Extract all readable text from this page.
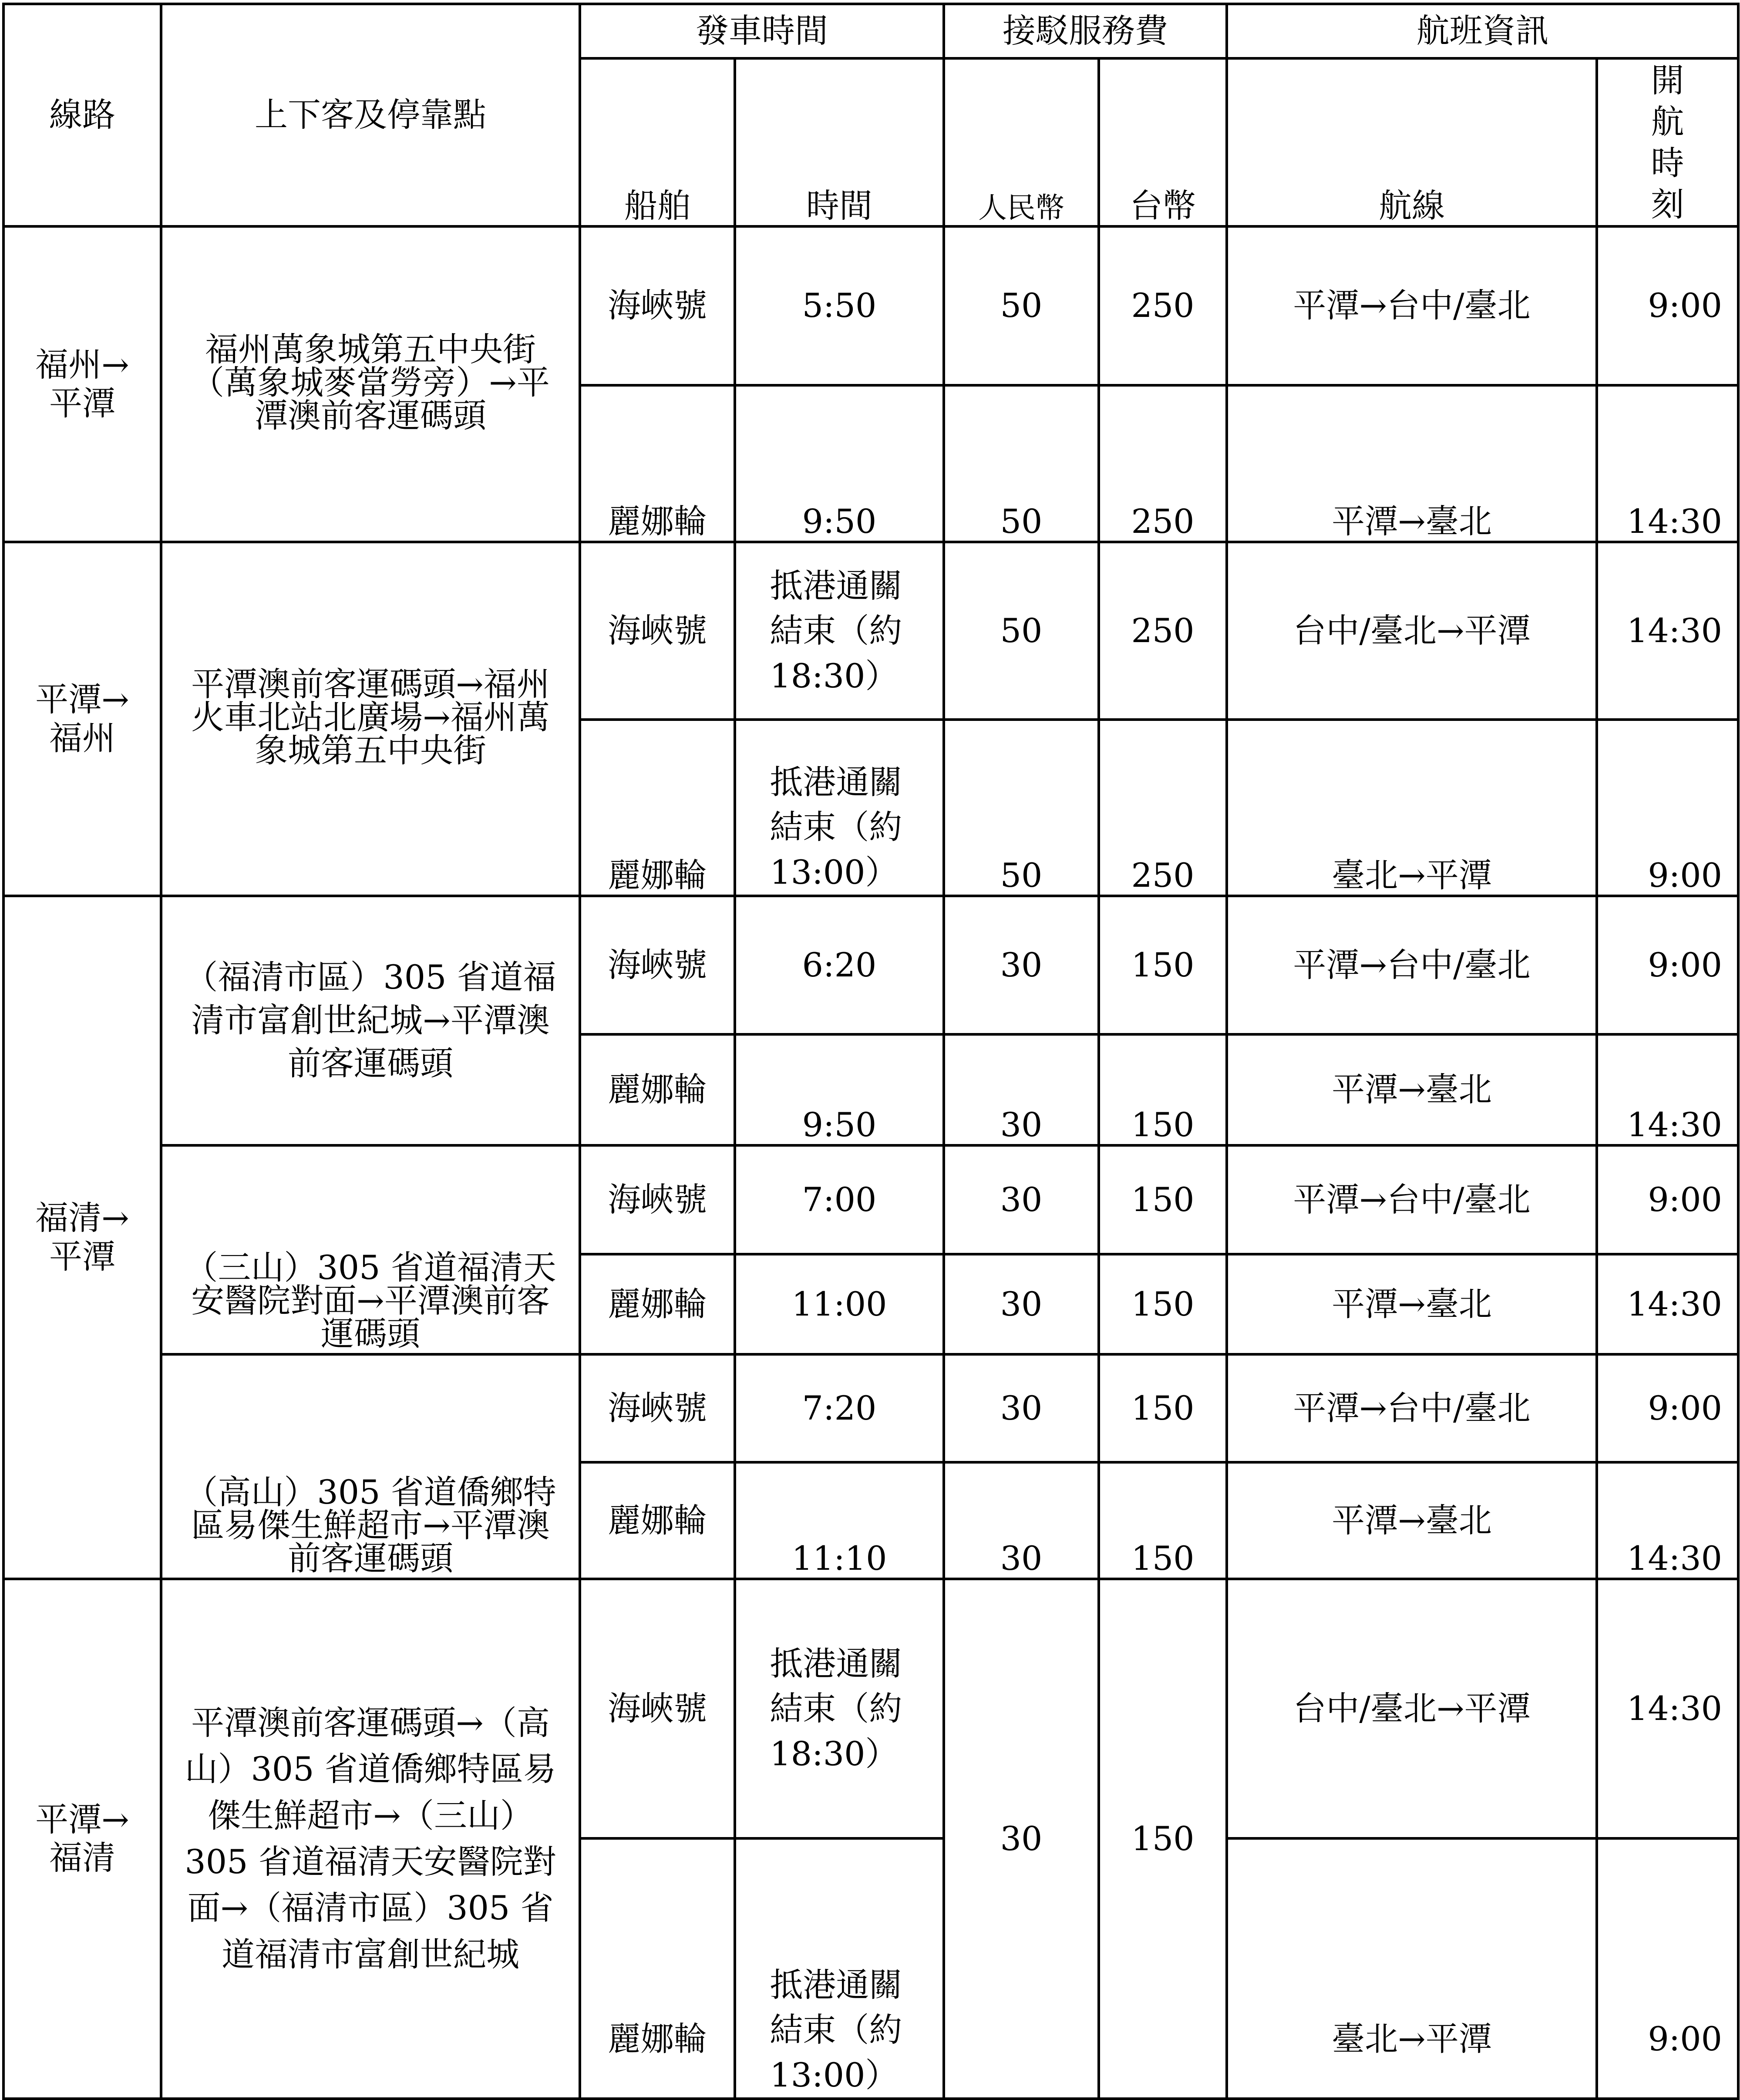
線路	上下客及停靠點	發車時間		接駁服務費		航班資訊	
		船舶	時間	人民幣	台幣	航線	開航時刻
福州→平潭	福州萬象城第五中央街（萬象城麥當勞旁）→平潭澳前客運碼頭	海峽號	5:50	50	250	平潭→台中/臺北	9:00
		麗娜輪	9:50	50	250	平潭→臺北	14:30
平潭→福州	平潭澳前客運碼頭→福州火車北站北廣場→福州萬象城第五中央街	海峽號	抵港通關結束（約18:30）	50	250	台中/臺北→平潭	14:30
		麗娜輪	抵港通關結束（約13:00）	50	250	臺北→平潭	9:00
福清→平潭	（福清市區）305 省道福清市富創世紀城→平潭澳前客運碼頭	海峽號	6:20	30	150	平潭→台中/臺北	9:00
		麗娜輪	9:50	30	150	平潭→臺北	14:30
	（三山）305 省道福清天安醫院對面→平潭澳前客運碼頭	海峽號	7:00	30	150	平潭→台中/臺北	9:00
		麗娜輪	11:00	30	150	平潭→臺北	14:30
	（高山）305 省道僑鄉特區易傑生鮮超市→平潭澳前客運碼頭	海峽號	7:20	30	150	平潭→台中/臺北	9:00
		麗娜輪	11:10	30	150	平潭→臺北	14:30
平潭→福清	平潭澳前客運碼頭→（高山）305 省道僑鄉特區易傑生鮮超市→（三山）305 省道福清天安醫院對面→（福清市區）305 省道福清市富創世紀城	海峽號	抵港通關結束（約18:30）	30	150	台中/臺北→平潭	14:30
		麗娜輪	抵港通關結束（約13:00）			臺北→平潭	9:00
